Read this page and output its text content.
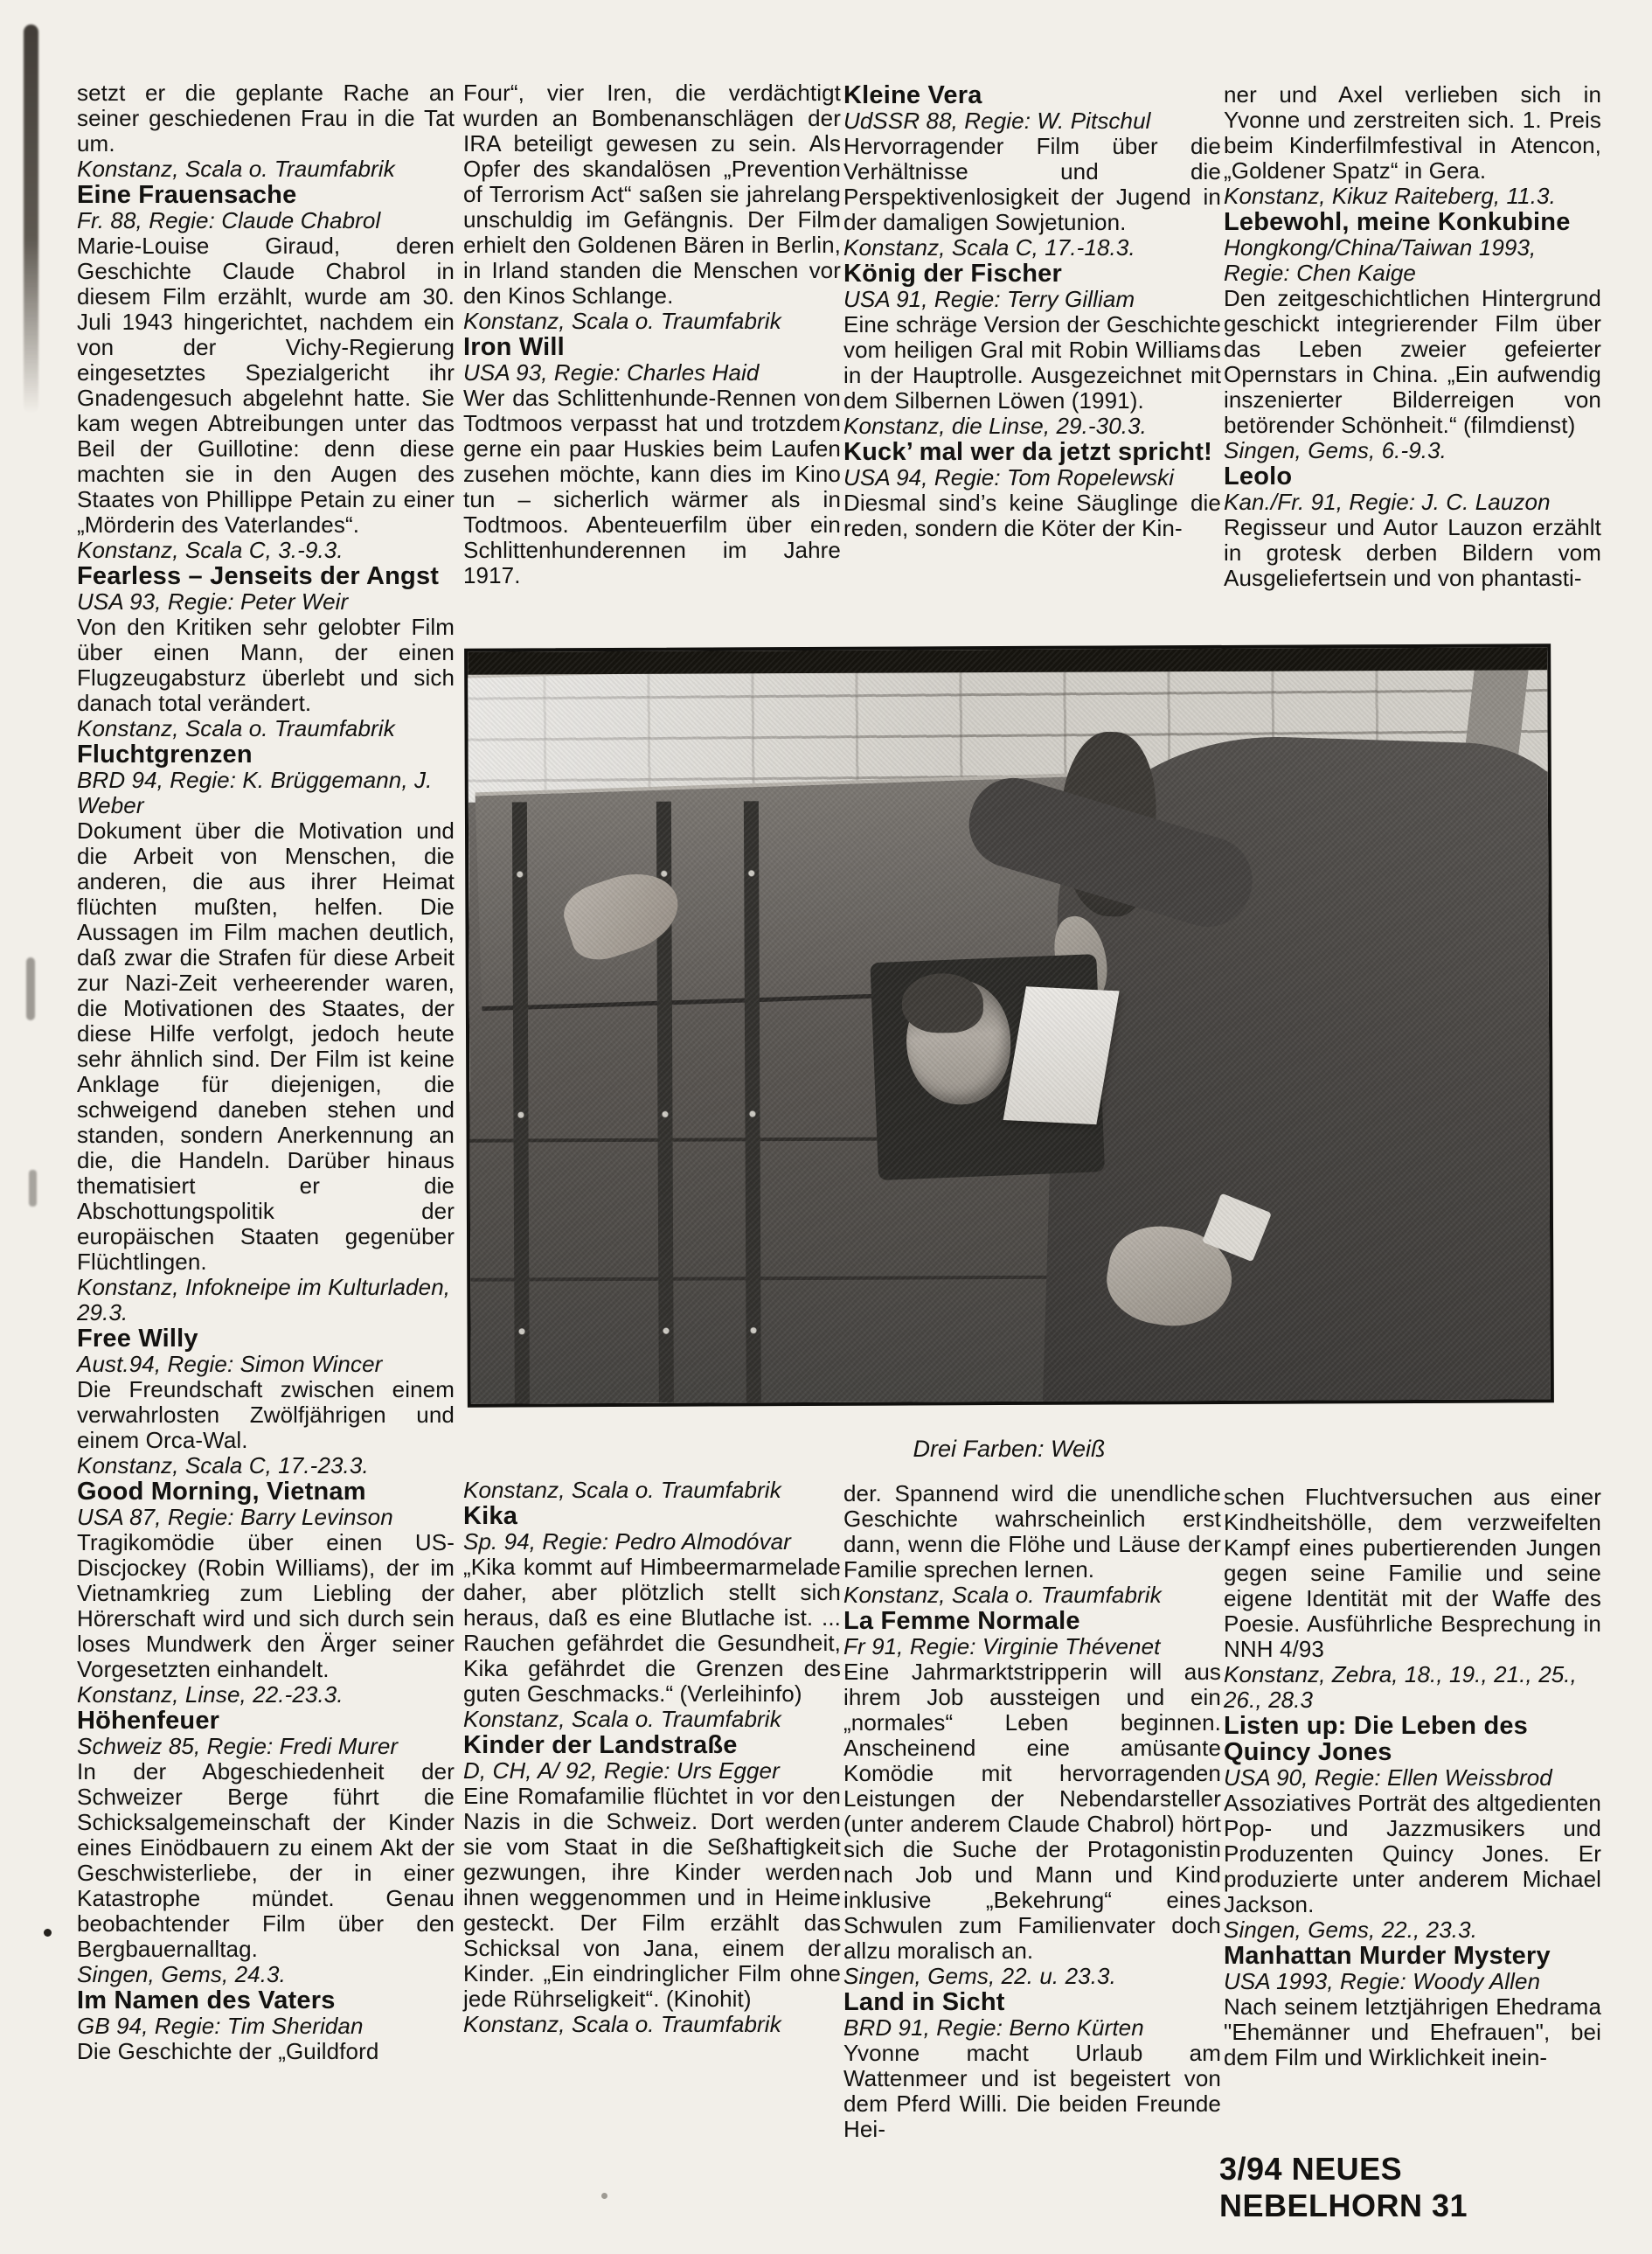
setzt er die geplante Rache an seiner geschiedenen Frau in die Tat um.

Konstanz, Scala o. Traumfabrik

Eine Frauensache

Fr. 88, Regie: Claude Chabrol

Marie-Louise Giraud, deren Geschichte Claude Chabrol in diesem Film erzählt, wurde am 30. Juli 1943 hingerichtet, nachdem ein von der Vichy-Regierung eingesetztes Spezialgericht ihr Gnadengesuch abgelehnt hatte. Sie kam wegen Abtreibungen unter das Beil der Guillotine: denn diese machten sie in den Augen des Staates von Phillippe Petain zu einer „Mörderin des Vaterlandes“.

Konstanz, Scala C, 3.-9.3.

Fearless – Jenseits der Angst

USA 93, Regie: Peter Weir

Von den Kritiken sehr gelobter Film über einen Mann, der einen Flugzeugabsturz überlebt und sich danach total verändert.

Konstanz, Scala o. Traumfabrik

Fluchtgrenzen

BRD 94, Regie: K. Brüggemann, J. Weber

Dokument über die Motivation und die Arbeit von Menschen, die anderen, die aus ihrer Heimat flüchten mußten, helfen. Die Aussagen im Film machen deutlich, daß zwar die Strafen für diese Arbeit zur Nazi-Zeit verheerender waren, die Motivationen des Staates, der diese Hilfe verfolgt, jedoch heute sehr ähnlich sind. Der Film ist keine Anklage für diejenigen, die schweigend daneben stehen und standen, sondern Anerkennung an die, die Handeln. Darüber hinaus thematisiert er die Abschottungspolitik der europäischen Staaten gegenüber Flüchtlingen.

Konstanz, Infokneipe im Kulturladen, 29.3.

Free Willy

Aust.94, Regie: Simon Wincer

Die Freundschaft zwischen einem verwahrlosten Zwölfjährigen und einem Orca-Wal.

Konstanz, Scala C, 17.-23.3.

Good Morning, Vietnam

USA 87, Regie: Barry Levinson

Tragikomödie über einen US-Discjockey (Robin Williams), der im Vietnamkrieg zum Liebling der Hörerschaft wird und sich durch sein loses Mundwerk den Ärger seiner Vorgesetzten einhandelt.

Konstanz, Linse, 22.-23.3.

Höhenfeuer

Schweiz 85, Regie: Fredi Murer

In der Abgeschiedenheit der Schweizer Berge führt die Schicksalgemeinschaft der Kinder eines Einödbauern zu einem Akt der Geschwisterliebe, der in einer Katastrophe mündet. Genau beobachtender Film über den Bergbauernalltag.

Singen, Gems, 24.3.

Im Namen des Vaters

GB 94, Regie: Tim Sheridan

Die Geschichte der „Guildford

Four“, vier Iren, die verdächtigt wurden an Bombenanschlägen der IRA beteiligt gewesen zu sein. Als Opfer des skandalösen „Prevention of Terrorism Act“ saßen sie jahrelang unschuldig im Gefängnis. Der Film erhielt den Goldenen Bären in Berlin, in Irland standen die Menschen vor den Kinos Schlange.

Konstanz, Scala o. Traumfabrik

Iron Will

USA 93, Regie: Charles Haid

Wer das Schlittenhunde-Rennen von Todtmoos verpasst hat und trotzdem gerne ein paar Huskies beim Laufen zusehen möchte, kann dies im Kino tun – sicherlich wärmer als in Todtmoos. Abenteuerfilm über ein Schlittenhunderennen im Jahre 1917.

Kleine Vera

UdSSR 88, Regie: W. Pitschul

Hervorragender Film über die Verhältnisse und die Perspektivenlosigkeit der Jugend in der damaligen Sowjetunion.

Konstanz, Scala C, 17.-18.3.

König der Fischer

USA 91, Regie: Terry Gilliam

Eine schräge Version der Geschichte vom heiligen Gral mit Robin Williams in der Hauptrolle. Ausgezeichnet mit dem Silbernen Löwen (1991).

Konstanz, die Linse, 29.-30.3.

Kuck’ mal wer da jetzt spricht!

USA 94, Regie: Tom Ropelewski

Diesmal sind’s keine Säuglinge die reden, sondern die Köter der Kin-

ner und Axel verlieben sich in Yvonne und zerstreiten sich. 1. Preis beim Kinderfilmfestival in Atencon, „Goldener Spatz“ in Gera.

Konstanz, Kikuz Raiteberg, 11.3.

Lebewohl, meine Konkubine

Hongkong/China/Taiwan 1993, Regie: Chen Kaige

Den zeitgeschichtlichen Hintergrund geschickt integrierender Film über das Leben zweier gefeierter Opernstars in China. „Ein aufwendig inszenierter Bilderreigen von betörender Schönheit.“ (filmdienst)

Singen, Gems, 6.-9.3.

Leolo

Kan./Fr. 91, Regie: J. C. Lauzon

Regisseur und Autor Lauzon erzählt in grotesk derben Bildern vom Ausgeliefertsein und von phantasti-

Drei Farben: Weiß

Konstanz, Scala o. Traumfabrik

Kika

Sp. 94, Regie: Pedro Almodóvar

„Kika kommt auf Himbeermarmelade daher, aber plötzlich stellt sich heraus, daß es eine Blutlache ist. ... Rauchen gefährdet die Gesundheit, Kika gefährdet die Grenzen des guten Geschmacks.“ (Verleihinfo)

Konstanz, Scala o. Traumfabrik

Kinder der Landstraße

D, CH, A/ 92, Regie: Urs Egger

Eine Romafamilie flüchtet in vor den Nazis in die Schweiz. Dort werden sie vom Staat in die Seßhaftigkeit gezwungen, ihre Kinder werden ihnen weggenommen und in Heime gesteckt. Der Film erzählt das Schicksal von Jana, einem der Kinder. „Ein eindringlicher Film ohne jede Rührseligkeit“. (Kinohit)

Konstanz, Scala o. Traumfabrik

der. Spannend wird die unendliche Geschichte wahrscheinlich erst dann, wenn die Flöhe und Läuse der Familie sprechen lernen.

Konstanz, Scala o. Traumfabrik

La Femme Normale

Fr 91, Regie: Virginie Thévenet

Eine Jahrmarktstripperin will aus ihrem Job aussteigen und ein „normales“ Leben beginnen. Anscheinend eine amüsante Komödie mit hervorragenden Leistungen der Nebendarsteller (unter anderem Claude Chabrol) hört sich die Suche der Protagonistin nach Job und Mann und Kind inklusive „Bekehrung“ eines Schwulen zum Familienvater doch allzu moralisch an.

Singen, Gems, 22. u. 23.3.

Land in Sicht

BRD 91, Regie: Berno Kürten

Yvonne macht Urlaub am Wattenmeer und ist begeistert von dem Pferd Willi. Die beiden Freunde Hei-

schen Fluchtversuchen aus einer Kindheitshölle, dem verzweifelten Kampf eines pubertierenden Jungen gegen seine Familie und seine eigene Identität mit der Waffe des Poesie. Ausführliche Besprechung in NNH 4/93

Konstanz, Zebra, 18., 19., 21., 25., 26., 28.3

Listen up: Die Leben des Quincy Jones

USA 90, Regie: Ellen Weissbrod

Assoziatives Porträt des altgedienten Pop- und Jazzmusikers und Produzenten Quincy Jones. Er produzierte unter anderem Michael Jackson.

Singen, Gems, 22., 23.3.

Manhattan Murder Mystery

USA 1993, Regie: Woody Allen

Nach seinem letztjährigen Ehedrama "Ehemänner und Ehefrauen", bei dem Film und Wirklichkeit inein-

3/94 NEUES NEBELHORN 31
